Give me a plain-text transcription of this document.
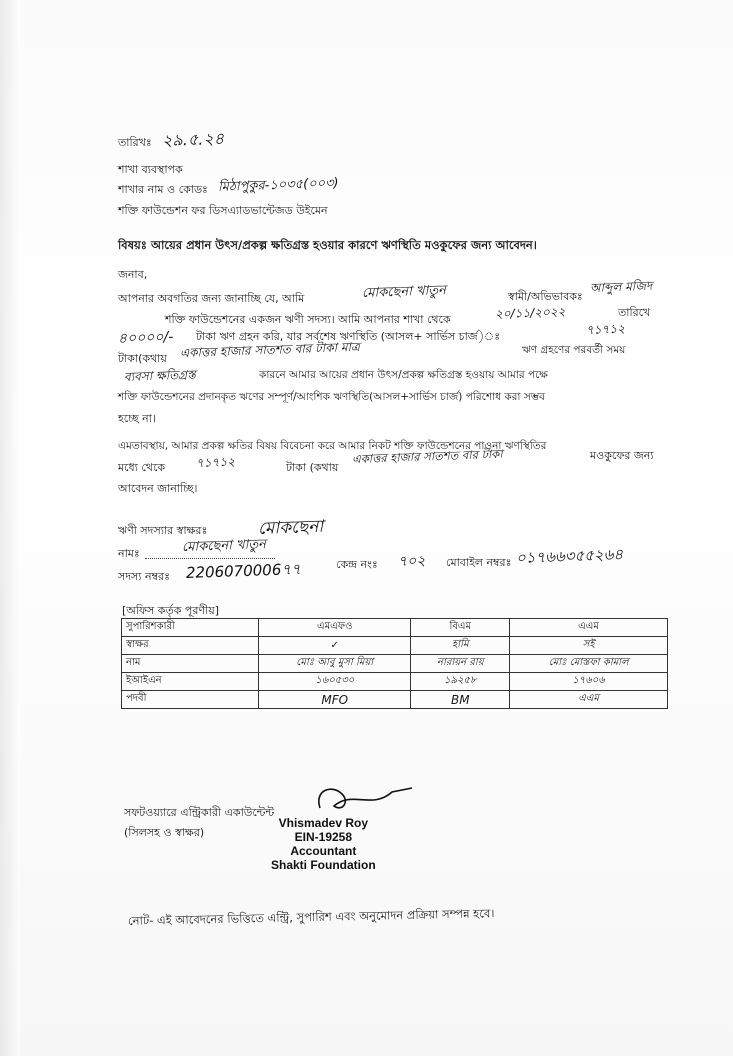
তারিখঃ ২৯.৫.২৪
শাখা ব্যবস্থাপক
শাখার নাম ও কোডঃ মিঠাপুকুর-১০৩৫(০০৩)
শক্তি ফাউন্ডেশন ফর ডিসএ্যাডভান্টেজড উইমেন
বিষয়ঃ আয়ের প্রধান উৎস/প্রকল্প ক্ষতিগ্রস্ত হওয়ার কারণে ঋণস্থিতি মওকুফের জন্য আবেদন।
জনাব,
আপনার অবগতির জন্য জানাচ্ছি যে, আমি	মোকছেনা খাতুন	স্বামী/অভিভাবকঃ
আব্দুল মজিদ
শক্তি ফাউন্ডেশনের একজন ঋণী সদস্য। আমি আপনার শাখা থেকে	২০/১১/২০২২	তারিখে
৪০০০০/- টাকা ঋণ গ্রহন করি, যার সর্বশেষ ঋণস্থিতি (আসল+ সার্ভিস চার্জ)ঃ	৭১৭১২
টাকা(কথায় একাত্তর হাজার সাতশত বার টাকা মাত্র	ঋণ গ্রহণের পরবর্তী সময়
ব্যবসা ক্ষতিগ্রস্ত	কারনে আমার আয়ের প্রধান উৎস/প্রকল্প ক্ষতিগ্রস্ত হওয়ায় আমার পক্ষে
শক্তি ফাউন্ডেশনের প্রদানকৃত ঋণের সম্পূর্ণ/আংশিক ঋণস্থিতি(আসল+সার্ভিস চার্জ) পরিশোধ করা সম্ভব
হচ্ছে না।
এমতাবস্থায়, আমার প্রকল্প ক্ষতির বিষয় বিবেচনা করে আমার নিকট শক্তি ফাউন্ডেশনের পাওনা ঋণস্থিতির
মধ্যে থেকে	৭১৭১২	টাকা (কথায়
একাত্তর হাজার সাতশত বার টাকা	মওকুফের জন্য
আবেদন জানাচ্ছি।
ঋণী সদস্যার স্বাক্ষরঃ	মোকছেনা
নামঃ	মোকছেনা খাতুন
সদস্য নম্বরঃ 2206070006৭৭	কেন্দ্র নংঃ ৭০২ মোবাইল নম্বরঃ ০১৭৬৬৩৫৫২৬৪
[অফিস কর্তৃক পূরণীয়]
সুপারিশকারী	এমএফও	বিএম	এএম
স্বাক্ষর	✓	হামি	সই
নাম	মোঃ আবু মুসা মিয়া	নারায়ন রায়	মোঃ মোস্তফা কামাল
ইআইএন	১৬০৫৩০	১৯২৫৮	১৭৬০৬
পদবী	MFO	BM	এএম
সফটওয়্যারে এন্ট্রিকারী একাউন্টেন্ট
(সিলসহ ও স্বাক্ষর)
Vhismadev Roy
EIN-19258
Accountant
Shakti Foundation
নোট- এই আবেদনের ভিত্তিতে এন্ট্রি, সুপারিশ এবং অনুমোদন প্রক্রিয়া সম্পন্ন হবে।
